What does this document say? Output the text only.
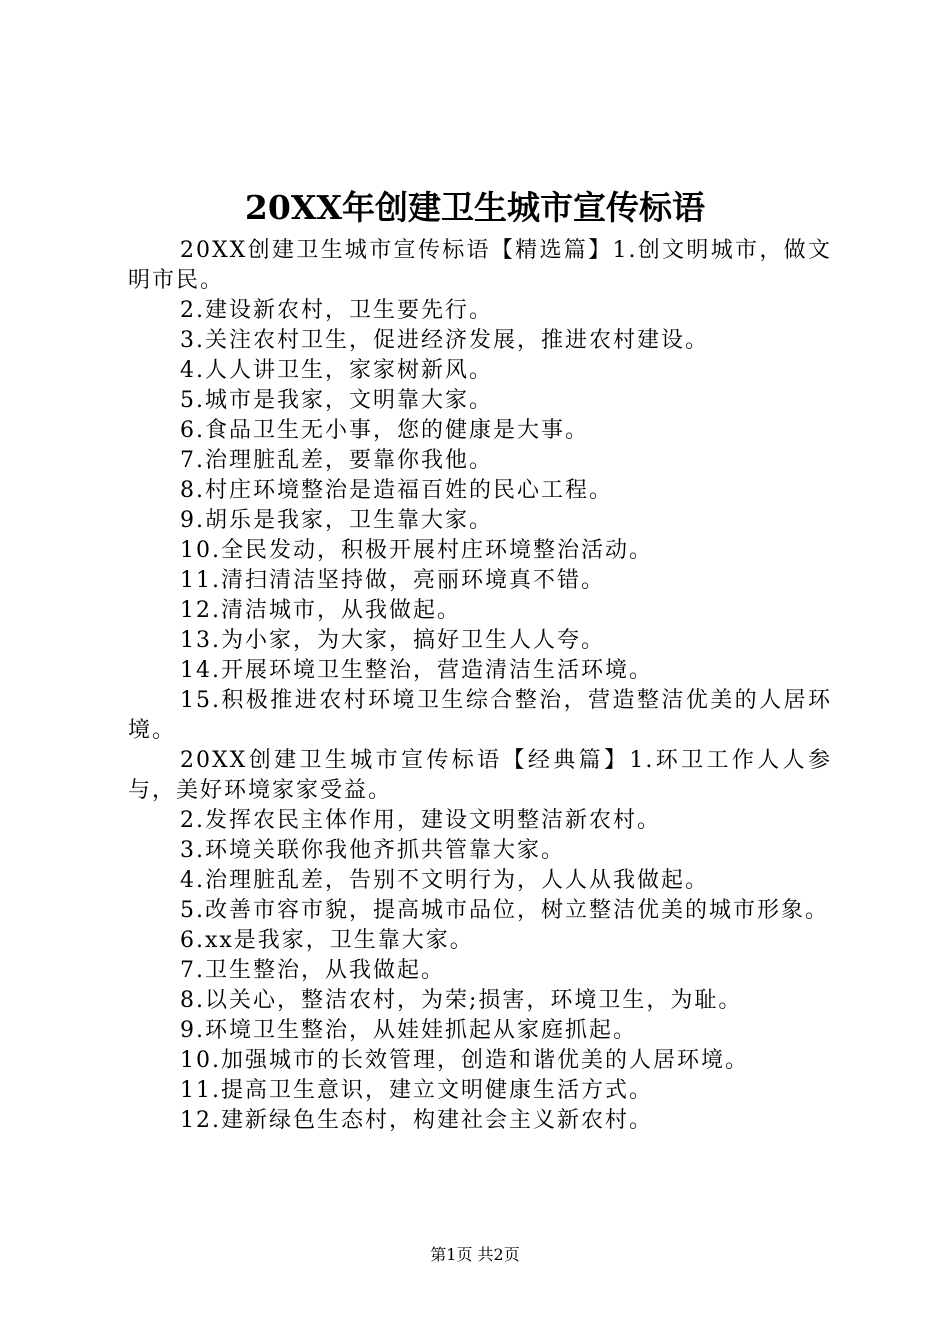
20XX年创建卫生城市宣传标语

20XX创建卫生城市宣传标语【精选篇】1.创文明城市，做文明市民。

2.建设新农村，卫生要先行。

3.关注农村卫生，促进经济发展，推进农村建设。

4.人人讲卫生，家家树新风。

5.城市是我家，文明靠大家。

6.食品卫生无小事，您的健康是大事。

7.治理脏乱差，要靠你我他。

8.村庄环境整治是造福百姓的民心工程。

9.胡乐是我家，卫生靠大家。

10.全民发动，积极开展村庄环境整治活动。

11.清扫清洁坚持做，亮丽环境真不错。

12.清洁城市，从我做起。

13.为小家，为大家，搞好卫生人人夸。

14.开展环境卫生整治，营造清洁生活环境。

15.积极推进农村环境卫生综合整治，营造整洁优美的人居环境。

20XX创建卫生城市宣传标语【经典篇】1.环卫工作人人参与，美好环境家家受益。

2.发挥农民主体作用，建设文明整洁新农村。

3.环境关联你我他齐抓共管靠大家。

4.治理脏乱差，告别不文明行为，人人从我做起。

5.改善市容市貌，提高城市品位，树立整洁优美的城市形象。

6.xx是我家，卫生靠大家。

7.卫生整治，从我做起。

8.以关心，整洁农村，为荣;损害，环境卫生，为耻。

9.环境卫生整治，从娃娃抓起从家庭抓起。

10.加强城市的长效管理，创造和谐优美的人居环境。

11.提高卫生意识，建立文明健康生活方式。

12.建新绿色生态村，构建社会主义新农村。

第1页 共2页
